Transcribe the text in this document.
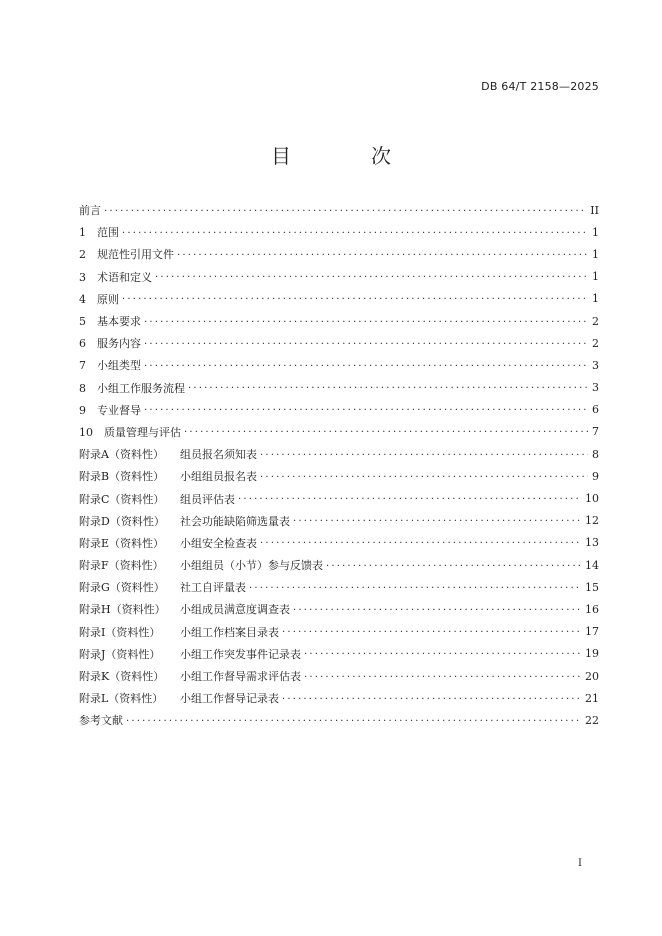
DB 64/T 2158—2025
目　次
前言 . . .	II
1　范围 . . .	1
2　规范性引用文件 . . .	1
3　术语和定义 . . .	1
4　原则 . . .	1
5　基本要求 . . .	2
6　服务内容 . . .	2
7　小组类型 . . .	3
8　小组工作服务流程 . . .	3
9　专业督导 . . .	6
10　质量管理与评估 . . .	7
附录A（资料性） 组员报名须知表 . . .	8
附录B（资料性） 小组组员报名表 . . .	9
附录C（资料性） 组员评估表 . . .	10
附录D（资料性） 社会功能缺陷筛选量表 . . .	12
附录E（资料性） 小组安全检查表 . . .	13
附录F（资料性） 小组组员（小节）参与反馈表 . . .	14
附录G（资料性） 社工自评量表 . . .	15
附录H（资料性） 小组成员满意度调查表 . . .	16
附录I（资料性） 小组工作档案目录表 . . .	17
附录J（资料性） 小组工作突发事件记录表 . . .	19
附录K（资料性） 小组工作督导需求评估表 . . .	20
附录L（资料性） 小组工作督导记录表 . . .	21
参考文献 . . .	22
I
